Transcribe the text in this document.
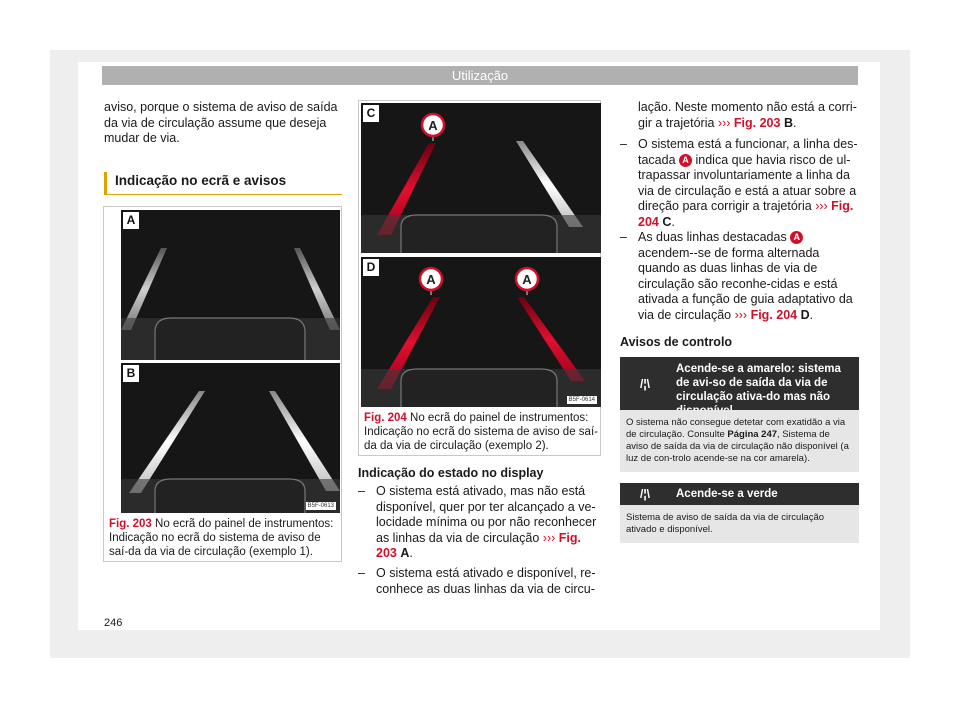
Utilização
aviso, porque o sistema de aviso de saída da via de circulação assume que deseja mudar de via.
Indicação no ecrã e avisos
A
B
B5F-0613
Fig. 203 No ecrã do painel de instrumentos: Indicação no ecrã do sistema de aviso de saí-da da via de circulação (exemplo 1).
A
C
A	A
D
B5F-0614
Fig. 204 No ecrã do painel de instrumentos: Indicação no ecrã do sistema de aviso de saí-da da via de circulação (exemplo 2).
Indicação do estado no display
– O sistema está ativado, mas não está disponível, quer por ter alcançado a ve-locidade mínima ou por não reconhecer as linhas da via de circulação ››› Fig. 203 A.
– O sistema está ativado e disponível, re-conhece as duas linhas da via de circu-
lação. Neste momento não está a corri-gir a trajetória ››› Fig. 203 B.
– O sistema está a funcionar, a linha des-tacada A indica que havia risco de ul-trapassar involuntariamente a linha da via de circulação e está a atuar sobre a direção para corrigir a trajetória ››› Fig. 204 C.
– As duas linhas destacadas A acendem--se de forma alternada quando as duas linhas de via de circulação são reconhe-cidas e está ativada a função de guia adaptativo da via de circulação ››› Fig. 204 D.
Avisos de controlo
/¦\
Acende-se a amarelo: sistema de avi-so de saída da via de circulação ativa-do mas não
O sistema não consegue detetar com exatidão a via de circulação. Consulte Página 247, Sistema de aviso de saída da via de circulação não disponível (a luz de con-trolo acende-se na cor amarela).
/¦\	Acende-se a verde
Sistema de aviso de saída da via de circulação ativado e disponível.
246
